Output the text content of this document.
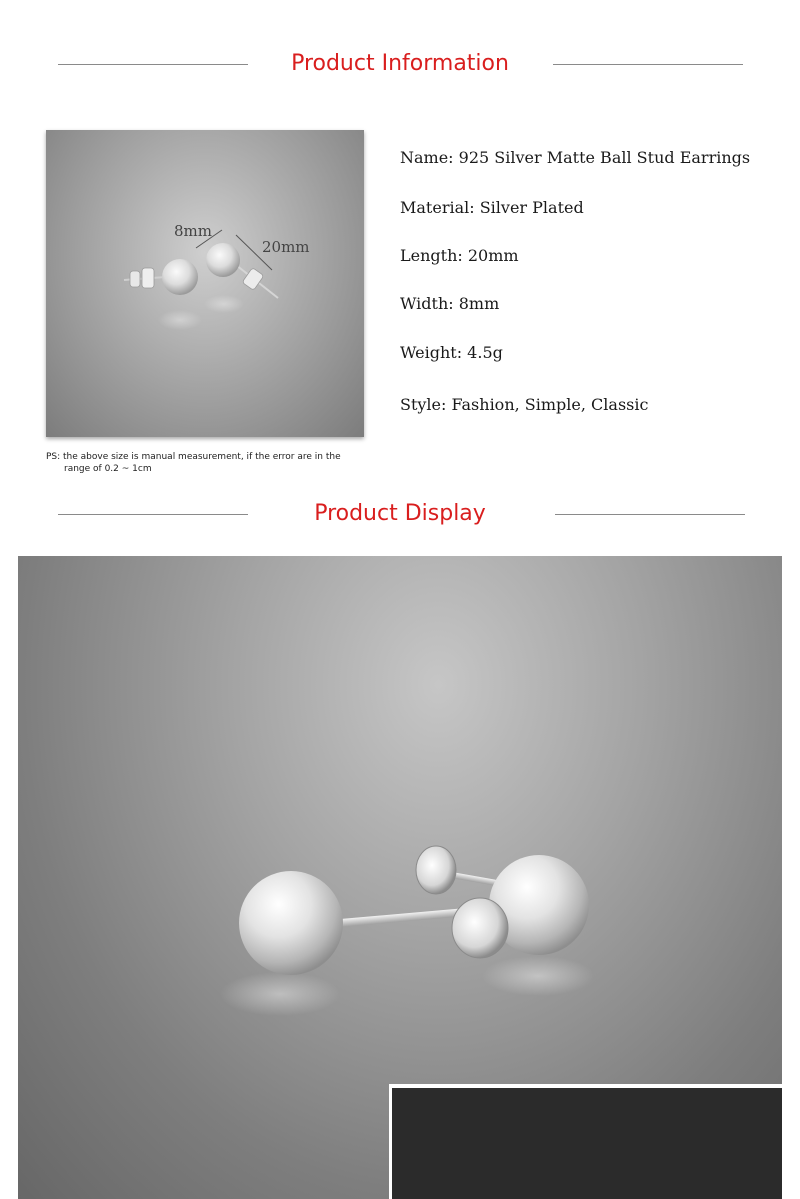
Product Information
8mm
20mm
Name: 925 Silver Matte Ball Stud Earrings
Material: Silver Plated
Length: 20mm
Width: 8mm
Weight: 4.5g
Style: Fashion, Simple, Classic
PS: the above size is manual measurement, if the error are in the
range of 0.2 ~ 1cm
Product Display
